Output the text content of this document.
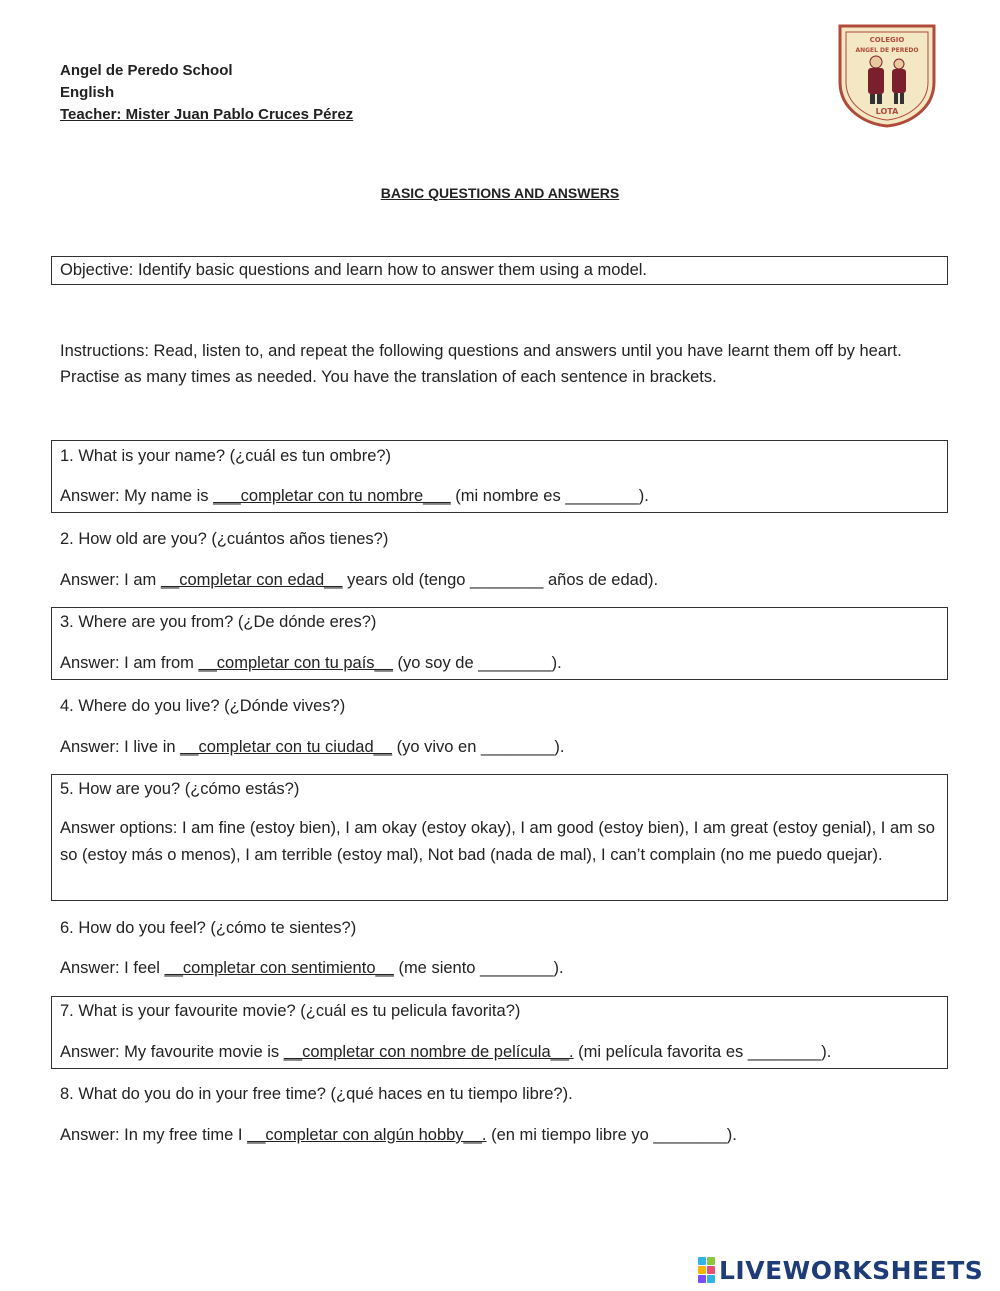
Angel de Peredo School
English
Teacher: Mister Juan Pablo Cruces Pérez
COLEGIO
ANGEL DE PEREDO
LOTA
BASIC QUESTIONS AND ANSWERS
Objective: Identify basic questions and learn how to answer them using a model.
Instructions: Read, listen to, and repeat the following questions and answers until you have learnt them off by heart. Practise as many times as needed. You have the translation of each sentence in brackets.
1. What is your name? (¿cuál es tun ombre?)
Answer: My name is ___completar con tu nombre___ (mi nombre es ________).
2. How old are you? (¿cuántos años tienes?)
Answer: I am __completar con edad__ years old (tengo ________ años de edad).
3. Where are you from? (¿De dónde eres?)
Answer: I am from __completar con tu país__ (yo soy de ________).
4. Where do you live? (¿Dónde vives?)
Answer: I live in __completar con tu ciudad__ (yo vivo en ________).
5. How are you? (¿cómo estás?)
Answer options: I am fine (estoy bien), I am okay (estoy okay), I am good (estoy bien), I am great (estoy genial), I am so so (estoy más o menos), I am terrible (estoy mal), Not bad (nada de mal), I can’t complain (no me puedo quejar).
6. How do you feel? (¿cómo te sientes?)
Answer: I feel __completar con sentimiento__ (me siento ________).
7. What is your favourite movie? (¿cuál es tu pelicula favorita?)
Answer: My favourite movie is __completar con nombre de película__. (mi película favorita es ________).
8. What do you do in your free time? (¿qué haces en tu tiempo libre?).
Answer: In my free time I __completar con algún hobby__. (en mi tiempo libre yo ________).
LIVEWORKSHEETS
